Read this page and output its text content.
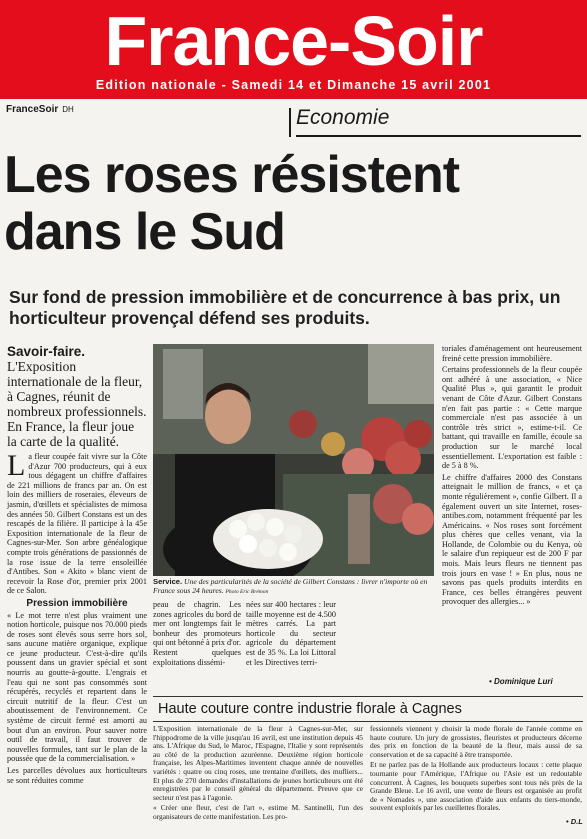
France-Soir
Edition nationale - Samedi 14 et Dimanche 15 avril 2001
FranceSoir DH	Economie
Les roses résistent
dans le Sud
Sur fond de pression immobilière et de concurrence à bas prix, un horticulteur provençal défend ses produits.
Savoir-faire. L'Exposition internationale de la fleur, à Cagnes, réunit de nombreux professionnels. En France, la fleur joue la carte de la qualité.

La fleur coupée fait vivre sur la Côte d'Azur 700 producteurs, qui à eux tous dégagent un chiffre d'affaires de 221 millions de francs par an. On est loin des milliers de roseraies, éleveurs de jasmin, d'œillets et spécialistes de mimosa des années 50. Gilbert Constans est un des rescapés de la filière. Il participe à la 45e Exposition internationale de la fleur de Cagnes-sur-Mer. Son arbre généalogique compte trois générations de passionnés de la rose issue de la terre ensoleillée d'Antibes. Son « Akito » blanc vient de recevoir la Rose d'or, premier prix 2001 de ce Salon.

Pression immobilière

« Le mot terre n'est plus vraiment une notion horticole, puisque nos 70.000 pieds de roses sont élevés sous serre hors sol, sans aucune matière organique, explique ce jeune producteur. C'est-à-dire qu'ils poussent dans un gravier spécial et sont nourris au goutte-à-goutte. L'engrais et l'eau qui ne sont pas consommés sont récupérés, recyclés et repartent dans le circuit nutritif de la fleur. C'est un aboutissement de l'environnement. Ce système de circuit fermé est amorti au bout d'un an environ. Pour sauver notre outil de travail, il faut trouver de nouvelles formules, tant sur le plan de la poussée que de la commercialisation. »

Les parcelles dévolues aux horticulteurs se sont réduites comme

Service. Une des particularités de la société de Gilbert Constans : livrer n'importe où en France sous 24 heures. Photo Eric Brémon

peau de chagrin. Les zones agricoles du bord de mer ont longtemps fait le bonheur des promoteurs qui ont bétonné à prix d'or. Restent quelques exploitations dissémi-

nées sur 400 hectares : leur taille moyenne est de 4.500 mètres carrés. La part horticole du secteur agricole du département est de 35 %. La loi Littoral et les Directives terri-

toriales d'aménagement ont heureusement freiné cette pression immobilière.

Certains professionnels de la fleur coupée ont adhéré à une association, « Nice Qualité Plus », qui garantit le produit venant de Côte d'Azur. Gilbert Constans n'en fait pas partie : « Cette marque commerciale n'est pas associée à un contrôle très strict », estime-t-il. Ce battant, qui travaille en famille, écoule sa production sur le marché local essentiellement. L'exportation est faible : de 5 à 8 %.

Le chiffre d'affaires 2000 des Constans atteignait le million de francs, « et ça monte régulièrement », confie Gilbert. Il a également ouvert un site Internet, roses-antibes.com, notamment fréquenté par les Américains. « Nos roses sont forcément plus chères que celles venant, via la Hollande, de Colombie ou du Kenya, où le salaire d'un repiqueur est de 200 F par mois. Mais leurs fleurs ne tiennent pas trois jours en vase ! » En plus, nous ne savons pas quels produits interdits en France, ces belles étrangères peuvent provoquer des allergies... »

• Dominique Luri
Haute couture contre industrie florale à Cagnes

L'Exposition internationale de la fleur à Cagnes-sur-Mer, sur l'hippodrome de la ville jusqu'au 16 avril, est une institution depuis 45 ans. L'Afrique du Sud, le Maroc, l'Espagne, l'Italie y sont représentés au côté de la production azuréenne. Deuxième région horticole française, les Alpes-Maritimes inventent chaque année de nouvelles variétés : quatre ou cinq roses, une trentaine d'œillets, des mufliers... Et plus de 270 demandes d'installations de jeunes horticulteurs ont été enregistrées par le conseil général du département. Preuve que ce secteur n'est pas à l'agonie.

« Créer une fleur, c'est de l'art », estime M. Santinelli, l'un des organisateurs de cette manifestation. Les pro-

fessionnels viennent y choisir la mode florale de l'année comme en haute couture. Un jury de grossistes, fleuristes et producteurs décerne des prix en fonction de la beauté de la fleur, mais aussi de sa conservation et de sa capacité à être transportée.

Et ne parlez pas de la Hollande aux producteurs locaux : cette plaque tournante pour l'Amérique, l'Afrique ou l'Asie est un redoutable concurrent. À Cagnes, les bouquets superbes sont tous nés près de la Grande Bleue. Le 16 avril, une vente de fleurs est organisée au profit de « Nomades », une association d'aide aux enfants du tiers-monde, souvent exploités par les cueillettes florales.

• D.L
